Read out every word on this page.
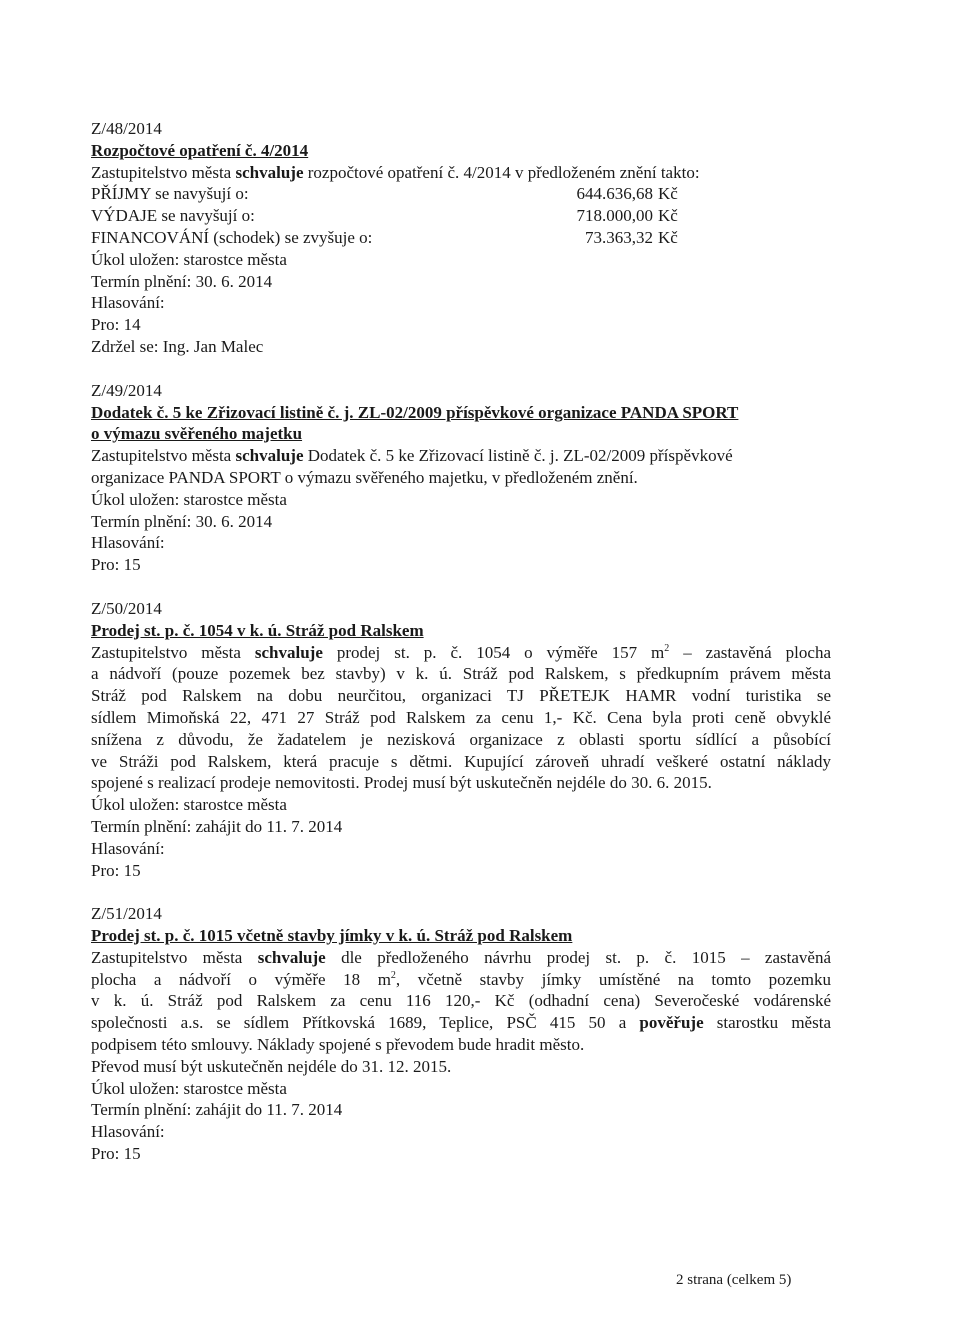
Z/48/2014
Rozpočtové opatření č. 4/2014
Zastupitelstvo města schvaluje rozpočtové opatření č. 4/2014 v předloženém znění takto:
PŘÍJMY se navyšují o:	644.636,68 Kč
VÝDAJE se navyšují o:	718.000,00 Kč
FINANCOVÁNÍ (schodek) se zvyšuje o:	73.363,32 Kč
Úkol uložen: starostce města
Termín plnění: 30. 6. 2014
Hlasování:
Pro: 14
Zdržel se: Ing. Jan Malec
Z/49/2014
Dodatek č. 5 ke Zřizovací listině č. j. ZL-02/2009 příspěvkové organizace PANDA SPORT
o výmazu svěřeného majetku
Zastupitelstvo města schvaluje Dodatek č. 5 ke Zřizovací listině č. j. ZL-02/2009 příspěvkové
organizace PANDA SPORT o výmazu svěřeného majetku, v předloženém znění.
Úkol uložen: starostce města
Termín plnění: 30. 6. 2014
Hlasování:
Pro: 15
Z/50/2014
Prodej st. p. č. 1054 v k. ú. Stráž pod Ralskem
Zastupitelstvo města schvaluje prodej st. p. č. 1054 o výměře 157 $m^2$ – zastavěná plocha
a nádvoří (pouze pozemek bez stavby) v k. ú. Stráž pod Ralskem, s předkupním právem města
Stráž pod Ralskem na dobu neurčitou, organizaci TJ PŘETEJK HAMR vodní turistika se
sídlem Mimoňská 22, 471 27 Stráž pod Ralskem za cenu 1,- Kč. Cena byla proti ceně obvyklé
snížena z důvodu, že žadatelem je nezisková organizace z oblasti sportu sídlící a působící
ve Stráži pod Ralskem, která pracuje s dětmi. Kupující zároveň uhradí veškeré ostatní náklady
spojené s realizací prodeje nemovitosti. Prodej musí být uskutečněn nejdéle do 30. 6. 2015.
Úkol uložen: starostce města
Termín plnění: zahájit do 11. 7. 2014
Hlasování:
Pro: 15
Z/51/2014
Prodej st. p. č. 1015 včetně stavby jímky v k. ú. Stráž pod Ralskem
Zastupitelstvo města schvaluje dle předloženého návrhu prodej st. p. č. 1015 – zastavěná
plocha a nádvoří o výměře 18 $m^2$, včetně stavby jímky umístěné na tomto pozemku
v k. ú. Stráž pod Ralskem za cenu 116 120,- Kč (odhadní cena) Severočeské vodárenské
společnosti a.s. se sídlem Přítkovská 1689, Teplice, PSČ 415 50 a pověřuje starostku města
podpisem této smlouvy. Náklady spojené s převodem bude hradit město.
Převod musí být uskutečněn nejdéle do 31. 12. 2015.
Úkol uložen: starostce města
Termín plnění: zahájit do 11. 7. 2014
Hlasování:
Pro: 15
2 strana (celkem 5)
